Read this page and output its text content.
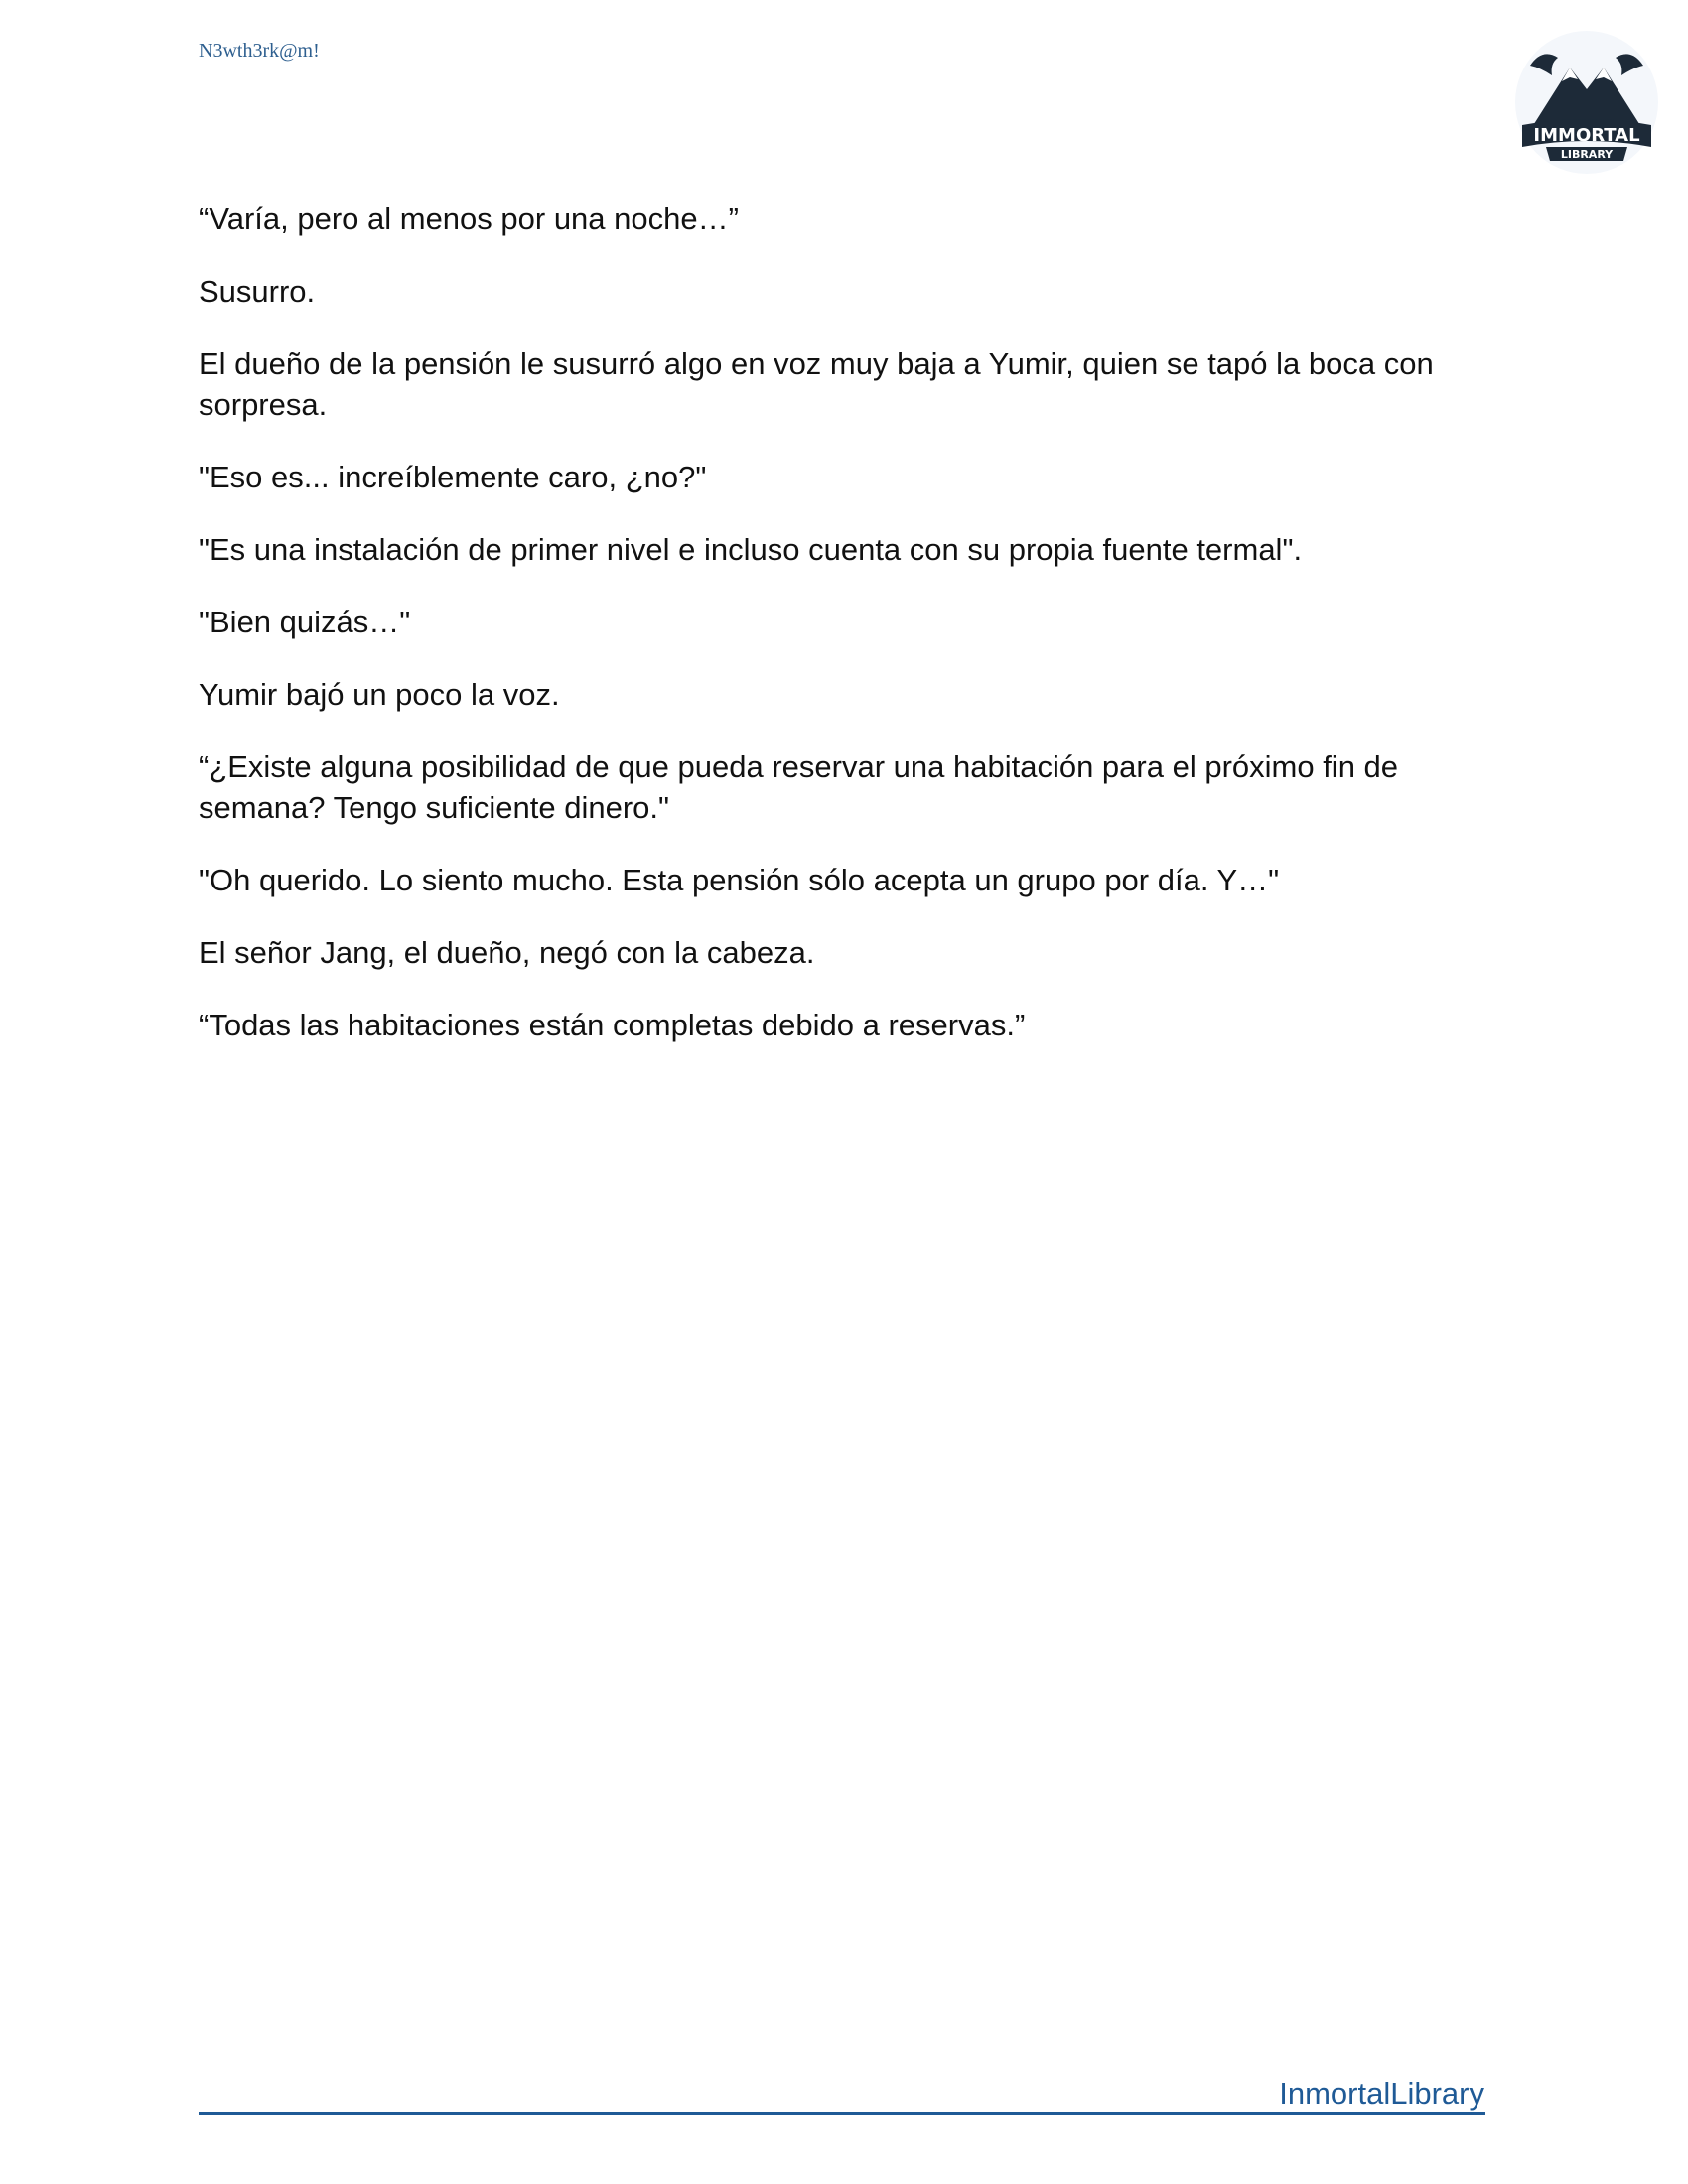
N3wth3rk@m!
IMMORTAL
LIBRARY

“Varía, pero al menos por una noche…”

Susurro.

El dueño de la pensión le susurró algo en voz muy baja a Yumir, quien se tapó la boca con sorpresa.

"Eso es... increíblemente caro, ¿no?"

"Es una instalación de primer nivel e incluso cuenta con su propia fuente termal".

"Bien quizás…"

Yumir bajó un poco la voz.

“¿Existe alguna posibilidad de que pueda reservar una habitación para el próximo fin de semana? Tengo suficiente dinero."

"Oh querido. Lo siento mucho. Esta pensión sólo acepta un grupo por día. Y…"

El señor Jang, el dueño, negó con la cabeza.

“Todas las habitaciones están completas debido a reservas.”

InmortalLibrary
